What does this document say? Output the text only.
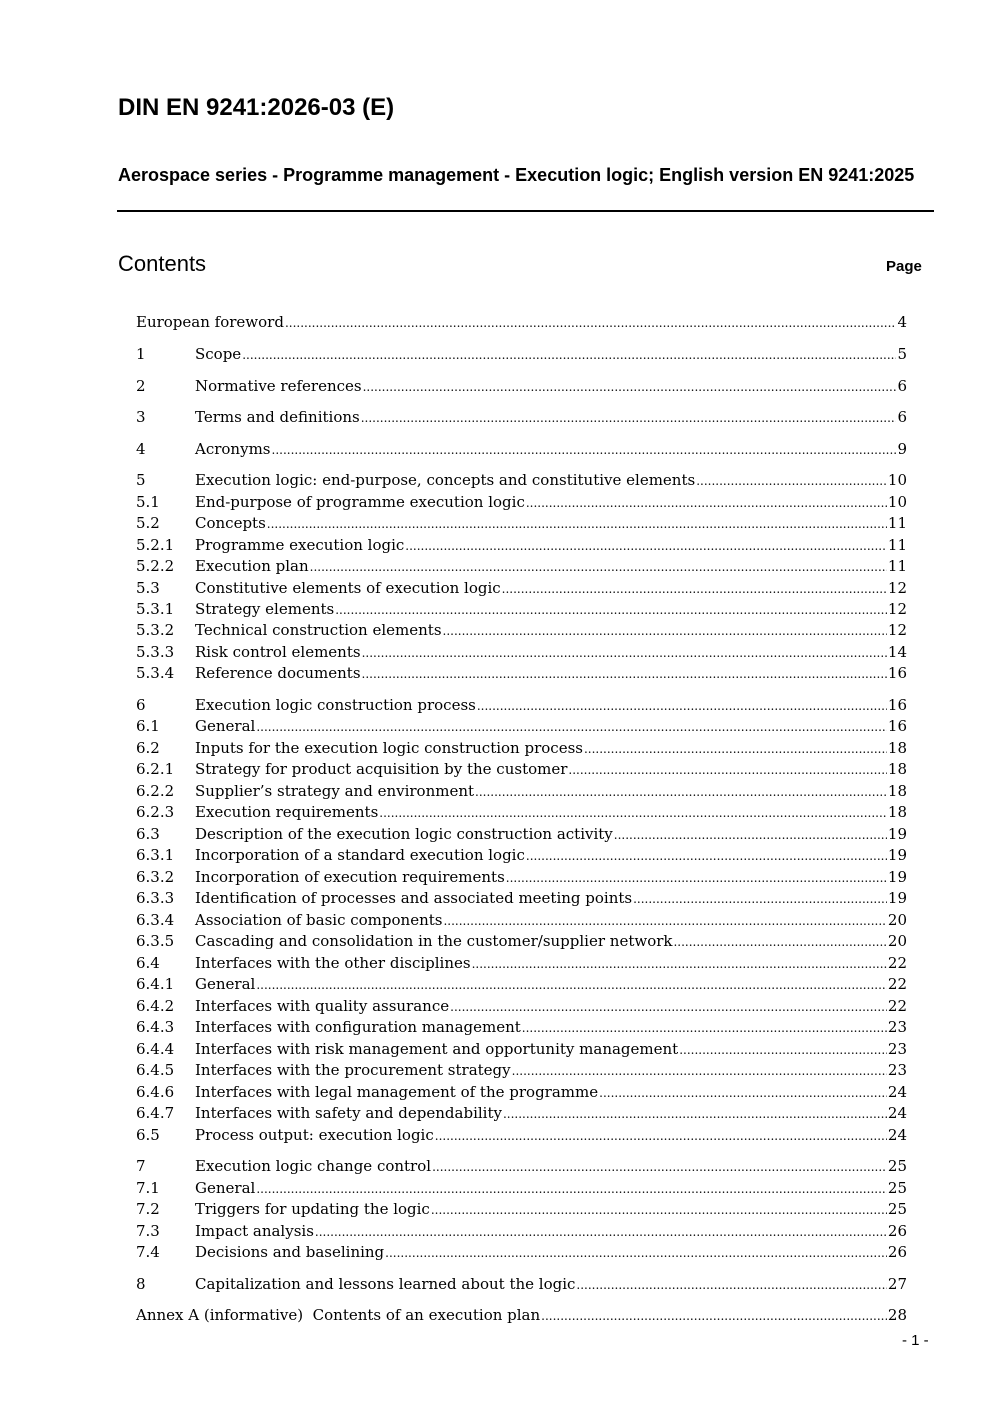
DIN EN 9241:2026-03 (E)
Aerospace series - Programme management - Execution logic; English version EN 9241:2025
Contents	Page
European foreword .....	4
1	Scope .....	5
2	Normative references .....	6
3	Terms and definitions .....	6
4	Acronyms .....	9
5	Execution logic: end-purpose, concepts and constitutive elements .....	10
5.1	End-purpose of programme execution logic .....	10
5.2	Concepts .....	11
5.2.1	Programme execution logic .....	11
5.2.2	Execution plan .....	11
5.3	Constitutive elements of execution logic .....	12
5.3.1	Strategy elements .....	12
5.3.2	Technical construction elements .....	12
5.3.3	Risk control elements .....	14
5.3.4	Reference documents .....	16
6	Execution logic construction process .....	16
6.1	General .....	16
6.2	Inputs for the execution logic construction process .....	18
6.2.1	Strategy for product acquisition by the customer .....	18
6.2.2	Supplier’s strategy and environment .....	18
6.2.3	Execution requirements .....	18
6.3	Description of the execution logic construction activity .....	19
6.3.1	Incorporation of a standard execution logic .....	19
6.3.2	Incorporation of execution requirements .....	19
6.3.3	Identification of processes and associated meeting points .....	19
6.3.4	Association of basic components .....	20
6.3.5	Cascading and consolidation in the customer/supplier network .....	20
6.4	Interfaces with the other disciplines .....	22
6.4.1	General .....	22
6.4.2	Interfaces with quality assurance .....	22
6.4.3	Interfaces with configuration management .....	23
6.4.4	Interfaces with risk management and opportunity management .....	23
6.4.5	Interfaces with the procurement strategy .....	23
6.4.6	Interfaces with legal management of the programme .....	24
6.4.7	Interfaces with safety and dependability .....	24
6.5	Process output: execution logic .....	24
7	Execution logic change control .....	25
7.1	General .....	25
7.2	Triggers for updating the logic .....	25
7.3	Impact analysis .....	26
7.4	Decisions and baselining .....	26
8	Capitalization and lessons learned about the logic .....	27
Annex A (informative)  Contents of an execution plan .....	28
- 1 -
